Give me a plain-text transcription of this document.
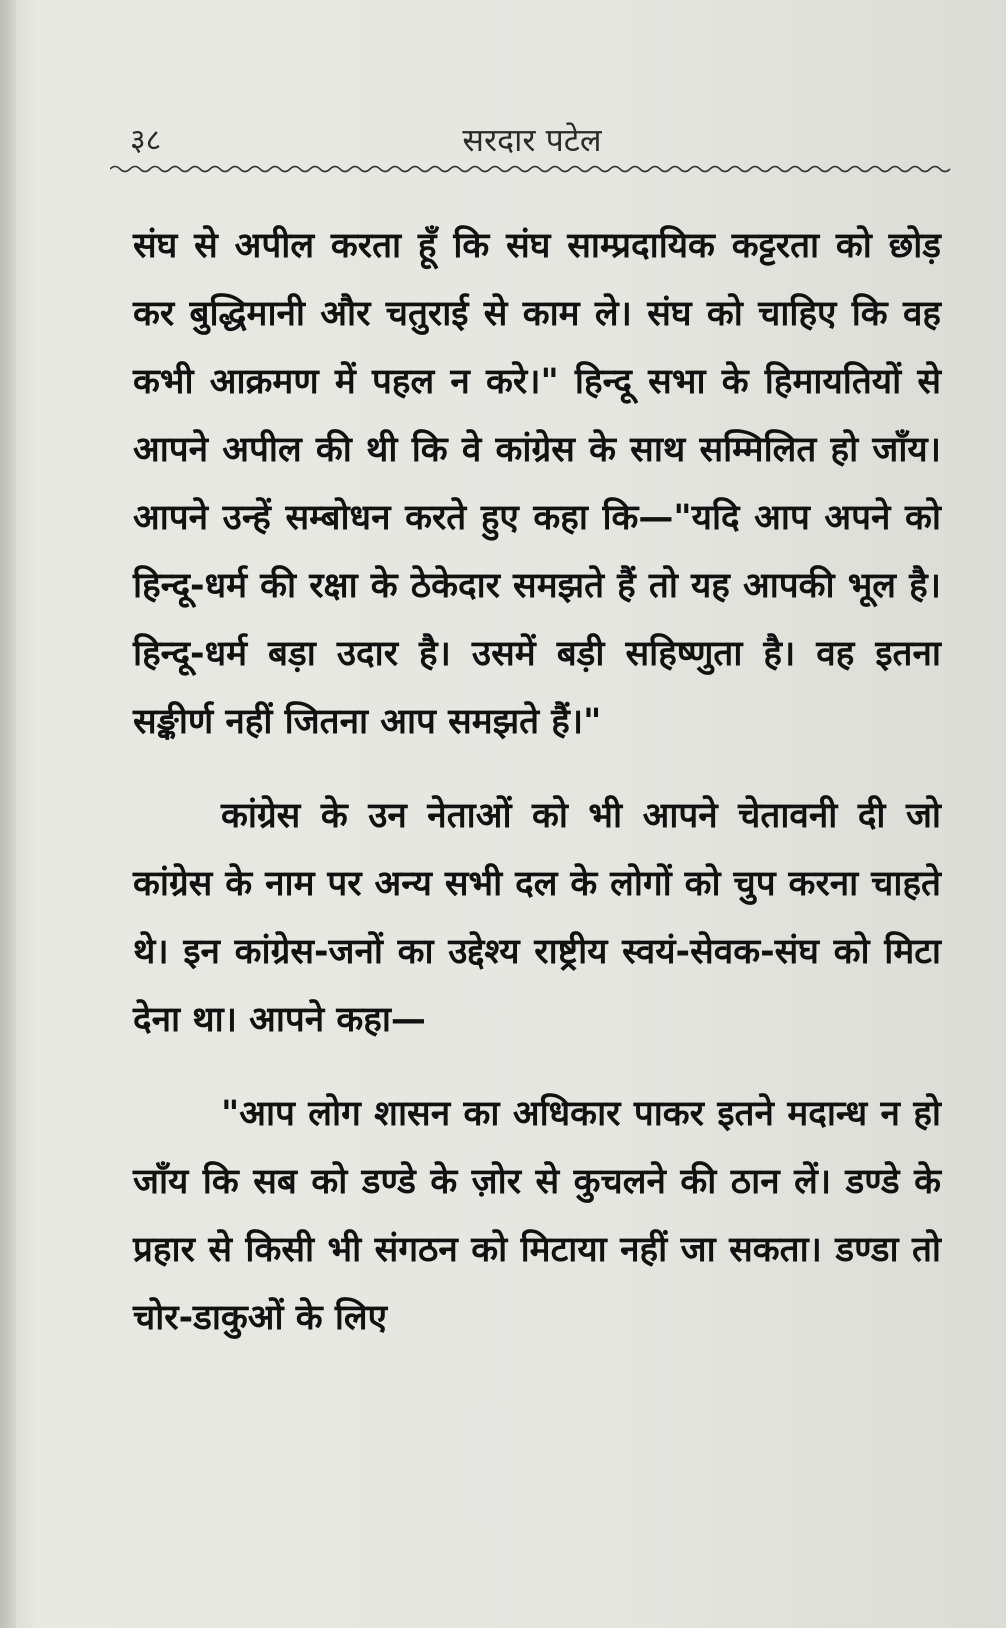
३८	सरदार पटेल

संघ से अपील करता हूँ कि संघ साम्प्रदायिक कट्टरता को छोड़ कर बुद्धिमानी और चतुराई से काम ले। संघ को चाहिए कि वह कभी आक्रमण में पहल न करे।" हिन्दू सभा के हिमायतियों से आपने अपील की थी कि वे कांग्रेस के साथ सम्मिलित हो जाँय। आपने उन्हें सम्बोधन करते हुए कहा कि—"यदि आप अपने को हिन्दू-धर्म की रक्षा के ठेकेदार समझते हैं तो यह आपकी भूल है। हिन्दू-धर्म बड़ा उदार है। उसमें बड़ी सहिष्णुता है। वह इतना सङ्कीर्ण नहीं जितना आप समझते हैं।"

कांग्रेस के उन नेताओं को भी आपने चेतावनी दी जो कांग्रेस के नाम पर अन्य सभी दल के लोगों को चुप करना चाहते थे। इन कांग्रेस-जनों का उद्देश्य राष्ट्रीय स्वयं-सेवक-संघ को मिटा देना था। आपने कहा—

"आप लोग शासन का अधिकार पाकर इतने मदान्ध न हो जाँय कि सब को डण्डे के ज़ोर से कुचलने की ठान लें। डण्डे के प्रहार से किसी भी संगठन को मिटाया नहीं जा सकता। डण्डा तो चोर-डाकुओं के लिए
